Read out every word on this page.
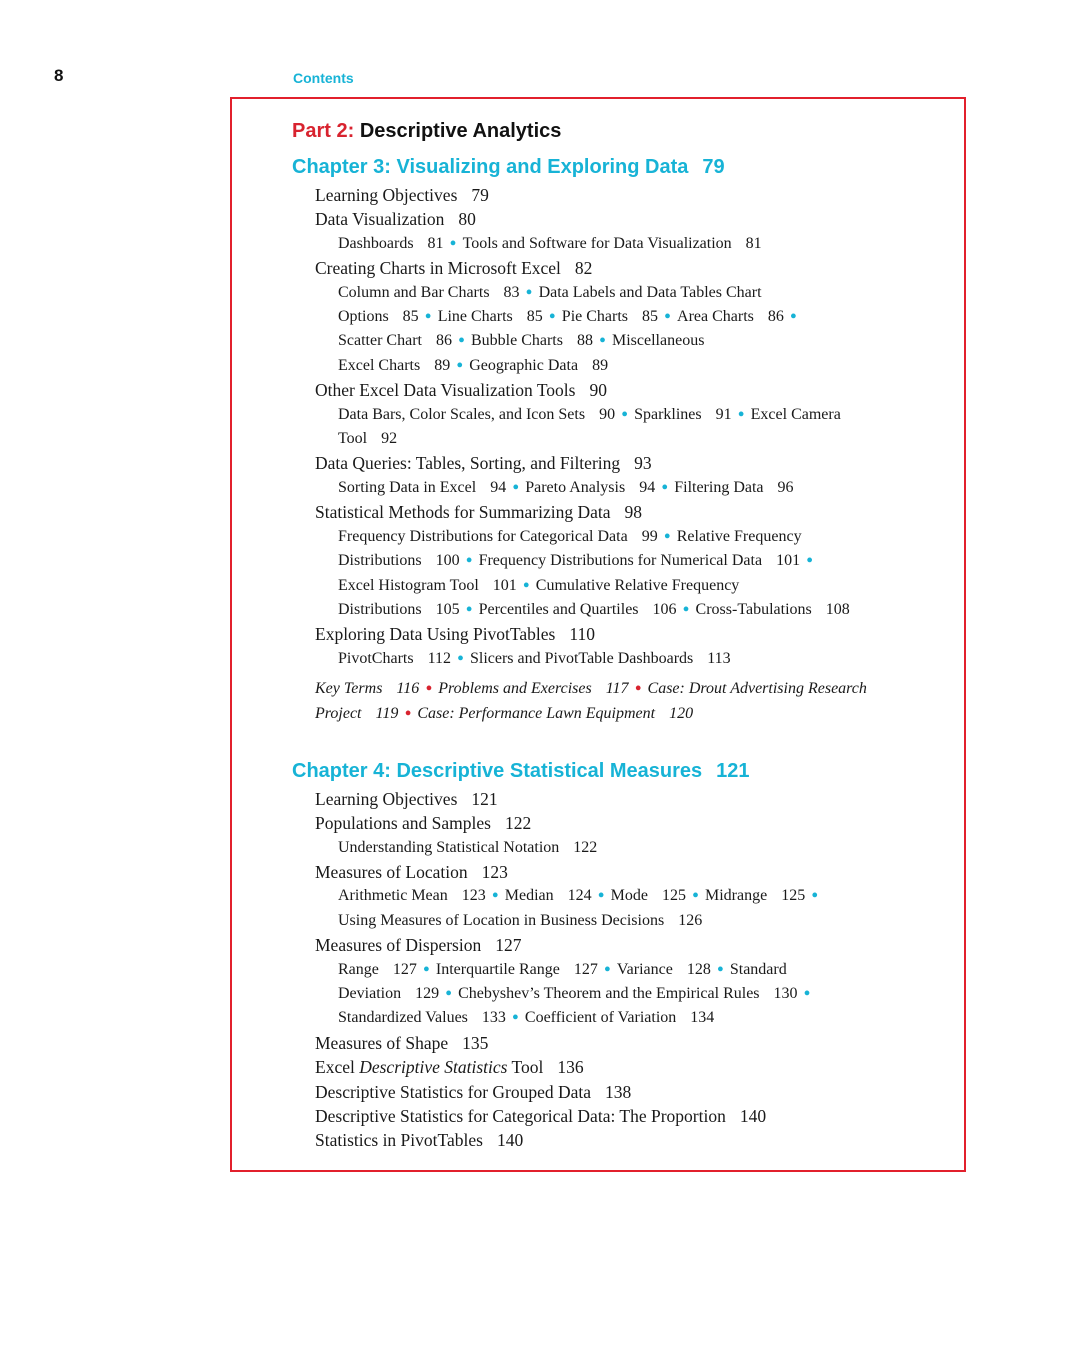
8	Contents
Part 2: Descriptive Analytics
Chapter 3: Visualizing and Exploring Data 79
Learning Objectives 79
Data Visualization 80
Dashboards 81 • Tools and Software for Data Visualization 81
Creating Charts in Microsoft Excel 82
Column and Bar Charts 83 • Data Labels and Data Tables Chart
Options 85 • Line Charts 85 • Pie Charts 85 • Area Charts 86 •
Scatter Chart 86 • Bubble Charts 88 • Miscellaneous
Excel Charts 89 • Geographic Data 89
Other Excel Data Visualization Tools 90
Data Bars, Color Scales, and Icon Sets 90 • Sparklines 91 • Excel Camera
Tool 92
Data Queries: Tables, Sorting, and Filtering 93
Sorting Data in Excel 94 • Pareto Analysis 94 • Filtering Data 96
Statistical Methods for Summarizing Data 98
Frequency Distributions for Categorical Data 99 • Relative Frequency
Distributions 100 • Frequency Distributions for Numerical Data 101 •
Excel Histogram Tool 101 • Cumulative Relative Frequency
Distributions 105 • Percentiles and Quartiles 106 • Cross-Tabulations 108
Exploring Data Using PivotTables 110
PivotCharts 112 • Slicers and PivotTable Dashboards 113
Key Terms 116 • Problems and Exercises 117 • Case: Drout Advertising Research
Project 119 • Case: Performance Lawn Equipment 120
Chapter 4: Descriptive Statistical Measures 121
Learning Objectives 121
Populations and Samples 122
Understanding Statistical Notation 122
Measures of Location 123
Arithmetic Mean 123 • Median 124 • Mode 125 • Midrange 125 •
Using Measures of Location in Business Decisions 126
Measures of Dispersion 127
Range 127 • Interquartile Range 127 • Variance 128 • Standard
Deviation 129 • Chebyshev’s Theorem and the Empirical Rules 130 •
Standardized Values 133 • Coefficient of Variation 134
Measures of Shape 135
Excel Descriptive Statistics Tool 136
Descriptive Statistics for Grouped Data 138
Descriptive Statistics for Categorical Data: The Proportion 140
Statistics in PivotTables 140
